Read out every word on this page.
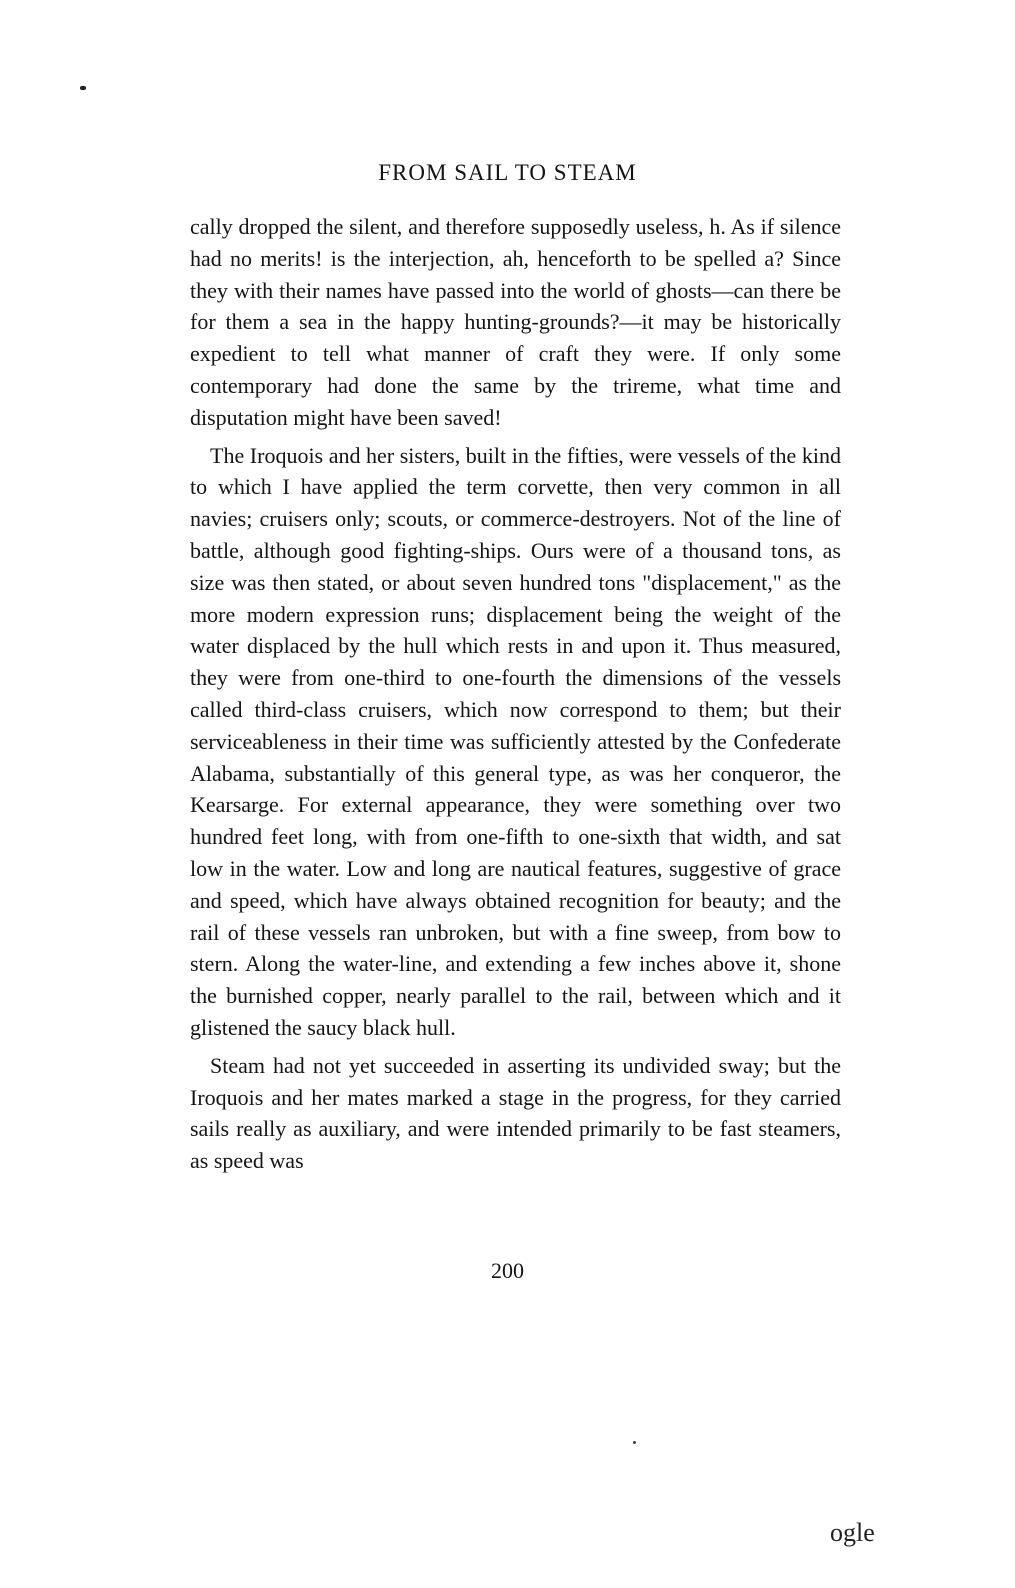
FROM SAIL TO STEAM

cally dropped the silent, and therefore supposedly useless, h. As if silence had no merits! is the interjection, ah, henceforth to be spelled a? Since they with their names have passed into the world of ghosts—can there be for them a sea in the happy hunting-grounds?—it may be historically expedient to tell what manner of craft they were. If only some contemporary had done the same by the trireme, what time and disputation might have been saved!

The Iroquois and her sisters, built in the fifties, were vessels of the kind to which I have applied the term corvette, then very common in all navies; cruisers only; scouts, or commerce-destroyers. Not of the line of battle, although good fighting-ships. Ours were of a thousand tons, as size was then stated, or about seven hundred tons "displacement," as the more modern expression runs; displacement being the weight of the water displaced by the hull which rests in and upon it. Thus measured, they were from one-third to one-fourth the dimensions of the vessels called third-class cruisers, which now correspond to them; but their serviceableness in their time was sufficiently attested by the Confederate Alabama, substantially of this general type, as was her conqueror, the Kearsarge. For external appearance, they were something over two hundred feet long, with from one-fifth to one-sixth that width, and sat low in the water. Low and long are nautical features, suggestive of grace and speed, which have always obtained recognition for beauty; and the rail of these vessels ran unbroken, but with a fine sweep, from bow to stern. Along the water-line, and extending a few inches above it, shone the burnished copper, nearly parallel to the rail, between which and it glistened the saucy black hull.

Steam had not yet succeeded in asserting its undivided sway; but the Iroquois and her mates marked a stage in the progress, for they carried sails really as auxiliary, and were intended primarily to be fast steamers, as speed was

200
ogle
